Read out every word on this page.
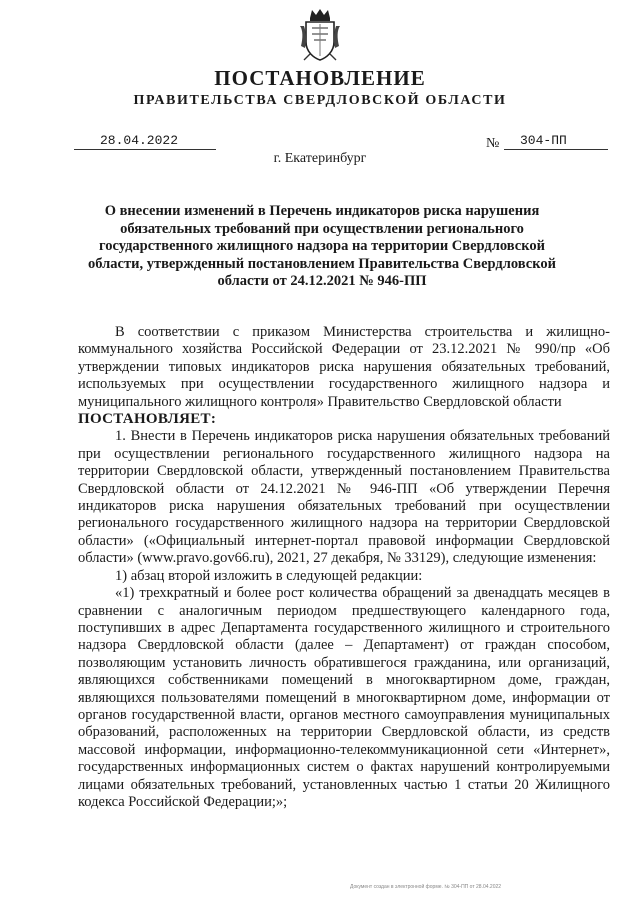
ПОСТАНОВЛЕНИЕ
ПРАВИТЕЛЬСТВА СВЕРДЛОВСКОЙ ОБЛАСТИ
28.04.2022	№	304-ПП
г. Екатеринбург
О внесении изменений в Перечень индикаторов риска нарушения обязательных требований при осуществлении регионального государственного жилищного надзора на территории Свердловской области, утвержденный постановлением Правительства Свердловской области от 24.12.2021 № 946-ПП

В соответствии с приказом Министерства строительства и жилищно-коммунального хозяйства Российской Федерации от 23.12.2021 № 990/пр «Об утверждении типовых индикаторов риска нарушения обязательных требований, используемых при осуществлении государственного жилищного надзора и муниципального жилищного контроля» Правительство Свердловской области

ПОСТАНОВЛЯЕТ:

1. Внести в Перечень индикаторов риска нарушения обязательных требований при осуществлении регионального государственного жилищного надзора на территории Свердловской области, утвержденный постановлением Правительства Свердловской области от 24.12.2021 № 946-ПП «Об утверждении Перечня индикаторов риска нарушения обязательных требований при осуществлении регионального государственного жилищного надзора на территории Свердловской области» («Официальный интернет-портал правовой информации Свердловской области» (www.pravo.gov66.ru), 2021, 27 декабря, № 33129), следующие изменения:

1) абзац второй изложить в следующей редакции:

«1) трехкратный и более рост количества обращений за двенадцать месяцев в сравнении с аналогичным периодом предшествующего календарного года, поступивших в адрес Департамента государственного жилищного и строительного надзора Свердловской области (далее – Департамент) от граждан способом, позволяющим установить личность обратившегося гражданина, или организаций, являющихся собственниками помещений в многоквартирном доме, граждан, являющихся пользователями помещений в многоквартирном доме, информации от органов государственной власти, органов местного самоуправления муниципальных образований, расположенных на территории Свердловской области, из средств массовой информации, информационно-телекоммуникационной сети «Интернет», государственных информационных систем о фактах нарушений контролируемыми лицами обязательных требований, установленных частью 1 статьи 20 Жилищного кодекса Российской Федерации;»;

Документ создан в электронной форме. № 304-ПП от 28.04.2022
